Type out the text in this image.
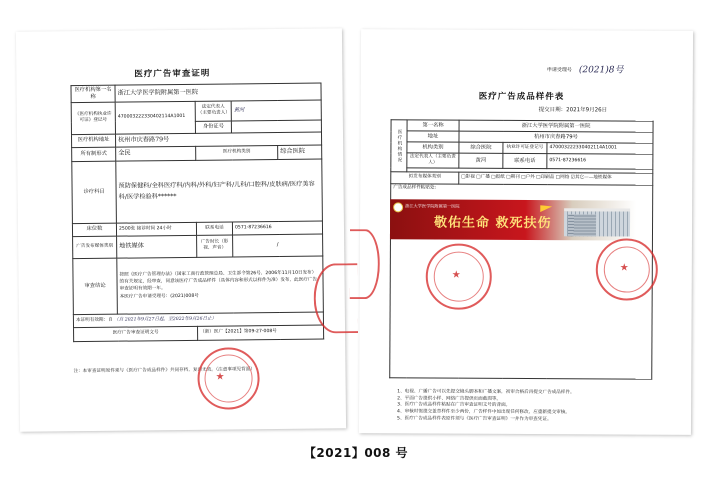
医疗广告审查证明
医疗机构第一名称	浙江大学医学院附属第一医院			
《医疗机构执业许可证》登记号	470003222330402114A1001	法定代表人（主要负责人）	黄河	
		身份证号		
医疗机构地址	杭州市庆春路79号			
所有制形式	全民	医疗机构类别		综合医院
诊疗科目	预防保健科/全科医疗科/内科/外科/妇产科/儿科/口腔科/皮肤病/医疗美容科/医学检验科******			
床位数	2500张 接诊时间 24小时	联系电话	0571-87236616	
广告发布媒体类别	地铁媒体	广告时长（影视、声音）	/	
审查结论	按照《医疗广告管理办法》（国家工商行政管理总局、卫生部令第26号，2006年11月10日发布）的有关规定，经审查，同意该医疗广告成品样件（具体内容和形式以样件为准）发布，此医疗广告审查证明有效期一年。
本医疗广告申请受理号：(2021)008号			

本证明有效期：自 （自 2021年9月27日起，至2022年9月26日止）				
医疗广告审查证明文号		（浙）医广【2021】第09-27-008号		
注：本审查证明原件须与《医疗广告成品样件》共同存档，复印无效。（注意事项见背面）
★
申请受理号 (2021)8号
医疗广告成品样件表
提交日期：2021年9月26日
医疗机构情况	第一名称	浙江大学医学院附属第一医院		
	地址	杭州市庆春路79号		
	机构类别	综合医院	执业许可证登记号	470003222330402114A1001
	法定代表人（主要负责人）	黄河	联系电话	0571-87236616

拟发布媒体类别		□影视 □广播 □报纸 □期刊 □户外 □印刷品 □网络 ☑其它——地铁媒体		
广告成品样件粘贴处：				
浙江大学医学院附属第一医院
敬佑生命 救死扶伤
★
★
1、电视、广播广告可以先提交镜头脚本和广播文案，初审合格后再提交广告成品样件。
2、平面广告提供小样、网络广告提供页面截图等。
3、医疗广告成品样件粘贴在广告审查证明文号的背面。
4、审核时需提交盖章样件至少两份，广告样件中如出现任何修改，应重新提交审核。
5、医疗广告成品样件表原件须与《医疗广告审查证明》一并作为审查凭证。
【2021】008 号
